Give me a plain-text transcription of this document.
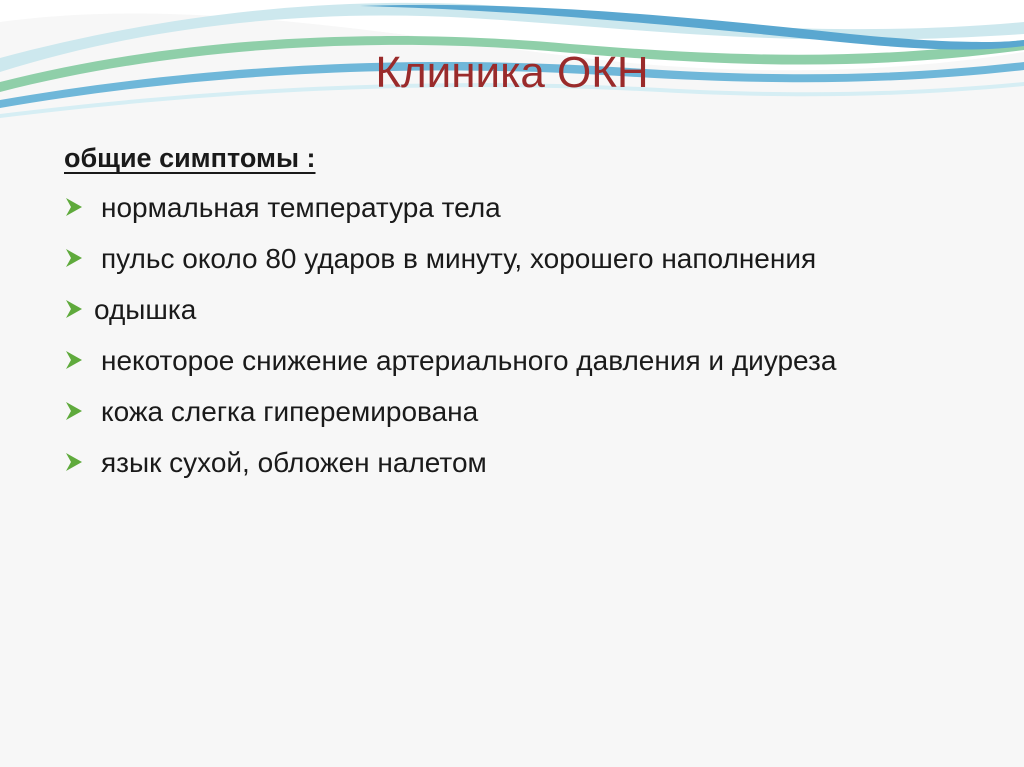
Клиника ОКН

общие симптомы :

нормальная температура тела
пульс около 80 ударов в минуту, хорошего наполнения
одышка
некоторое снижение артериального давления и диуреза
кожа слегка гиперемирована
язык сухой, обложен налетом
